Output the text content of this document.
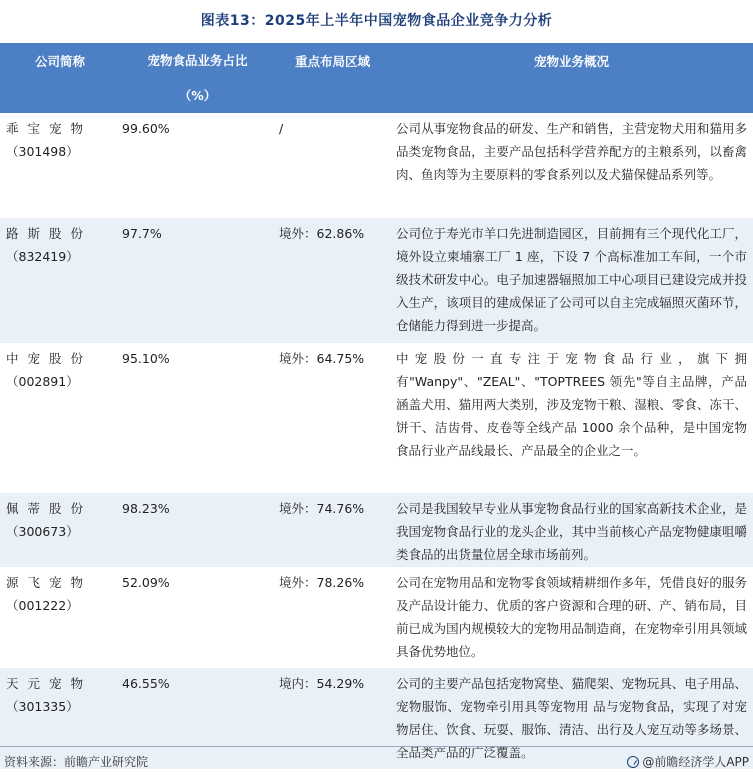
图表13：2025年上半年中国宠物食品企业竞争力分析
公司简称	宠物食品业务占比	重点布局区域	宠物业务概况
	（%）		

乖宝宠物
（301498）	99.60%	/	公司从事宠物食品的研发、生产和销售，主营宠物犬用和猫用多品类宠物食品，主要产品包括科学营养配方的主粮系列，以畜禽肉、鱼肉等为主要原料的零食系列以及犬猫保健品系列等。

路斯股份
（832419）	97.7%	境外：62.86%	公司位于寿光市羊口先进制造园区，目前拥有三个现代化工厂，境外设立柬埔寨工厂 1 座，下设 7 个高标准加工车间，一个市级技术研发中心。电子加速器辐照加工中心项目已建设完成并投入生产，该项目的建成保证了公司可以自主完成辐照灭菌环节，仓储能力得到进一步提高。

中宠股份
（002891）	95.10%	境外：64.75%	中宠股份一直专注于宠物食品行业，旗下拥有"Wanpy"、"ZEAL"、"TOPTREES 领先"等自主品牌，产品涵盖犬用、猫用两大类别，涉及宠物干粮、湿粮、零食、冻干、饼干、洁齿骨、皮卷等全线产品 1000 余个品种，是中国宠物食品行业产品线最长、产品最全的企业之一。

佩蒂股份
（300673）	98.23%	境外：74.76%	公司是我国较早专业从事宠物食品行业的国家高新技术企业，是我国宠物食品行业的龙头企业，其中当前核心产品宠物健康咀嚼类食品的出货量位居全球市场前列。

源飞宠物
（001222）	52.09%	境外：78.26%	公司在宠物用品和宠物零食领域精耕细作多年，凭借良好的服务及产品设计能力、优质的客户资源和合理的研、产、销布局，目前已成为国内规模较大的宠物用品制造商，在宠物牵引用具领域具备优势地位。

天元宠物
（301335）	46.55%	境内：54.29%	公司的主要产品包括宠物窝垫、猫爬架、宠物玩具、电子用品、宠物服饰、宠物牵引用具等宠物用 品与宠物食品，实现了对宠物居住、饮食、玩耍、服饰、清洁、出行及人宠互动等多场景、全品类产品的广泛覆盖。
资料来源：前瞻产业研究院	@前瞻经济学人APP
